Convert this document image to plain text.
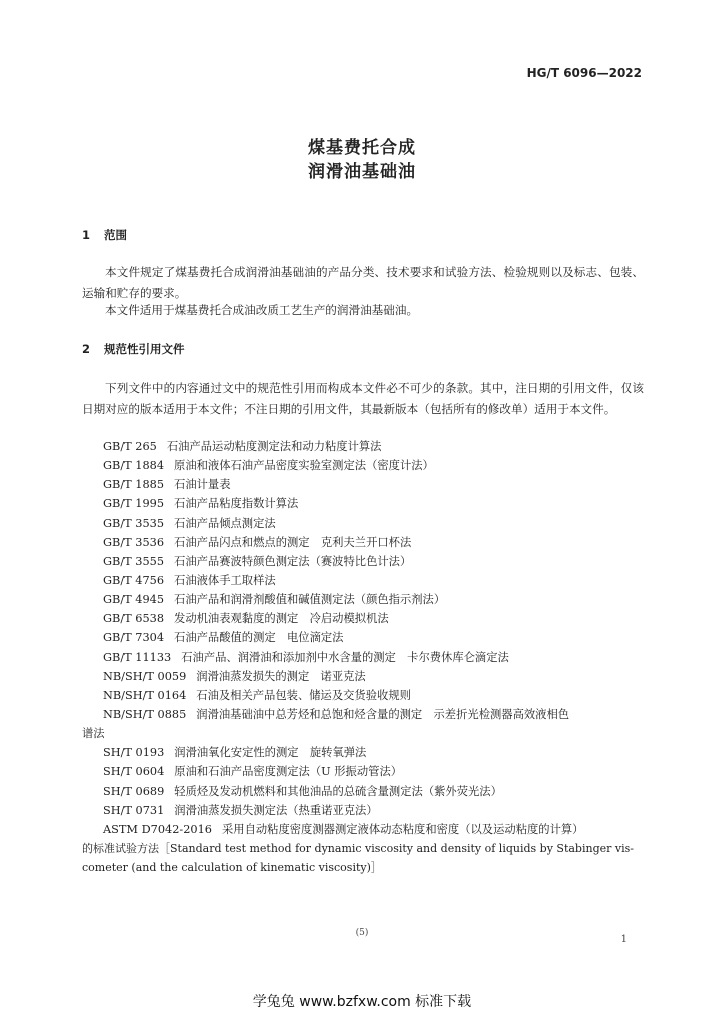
HG/T 6096—2022
煤基费托合成
润滑油基础油
1 范围
本文件规定了煤基费托合成润滑油基础油的产品分类、技术要求和试验方法、检验规则以及标志、包装、运输和贮存的要求。
本文件适用于煤基费托合成油改质工艺生产的润滑油基础油。
2 规范性引用文件
下列文件中的内容通过文中的规范性引用而构成本文件必不可少的条款。其中，注日期的引用文件，仅该日期对应的版本适用于本文件；不注日期的引用文件，其最新版本（包括所有的修改单）适用于本文件。
GB/T 265 石油产品运动粘度测定法和动力粘度计算法
GB/T 1884 原油和液体石油产品密度实验室测定法（密度计法）
GB/T 1885 石油计量表
GB/T 1995 石油产品粘度指数计算法
GB/T 3535 石油产品倾点测定法
GB/T 3536 石油产品闪点和燃点的测定　克利夫兰开口杯法
GB/T 3555 石油产品赛波特颜色测定法（赛波特比色计法）
GB/T 4756 石油液体手工取样法
GB/T 4945 石油产品和润滑剂酸值和碱值测定法（颜色指示剂法）
GB/T 6538 发动机油表观黏度的测定　冷启动模拟机法
GB/T 7304 石油产品酸值的测定　电位滴定法
GB/T 11133 石油产品、润滑油和添加剂中水含量的测定　卡尔费休库仑滴定法
NB/SH/T 0059 润滑油蒸发损失的测定　诺亚克法
NB/SH/T 0164 石油及相关产品包装、储运及交货验收规则
NB/SH/T 0885 润滑油基础油中总芳烃和总饱和烃含量的测定　示差折光检测器高效液相色
谱法
SH/T 0193 润滑油氧化安定性的测定　旋转氧弹法
SH/T 0604 原油和石油产品密度测定法（U 形振动管法）
SH/T 0689 轻质烃及发动机燃料和其他油品的总硫含量测定法（紫外荧光法）
SH/T 0731 润滑油蒸发损失测定法（热重诺亚克法）
ASTM D7042-2016 采用自动粘度密度测器测定液体动态粘度和密度（以及运动粘度的计算）
的标准试验方法［Standard test method for dynamic viscosity and density of liquids by Stabinger vis-
cometer (and the calculation of kinematic viscosity)］
(5)
1
学兔兔 www.bzfxw.com 标准下载
